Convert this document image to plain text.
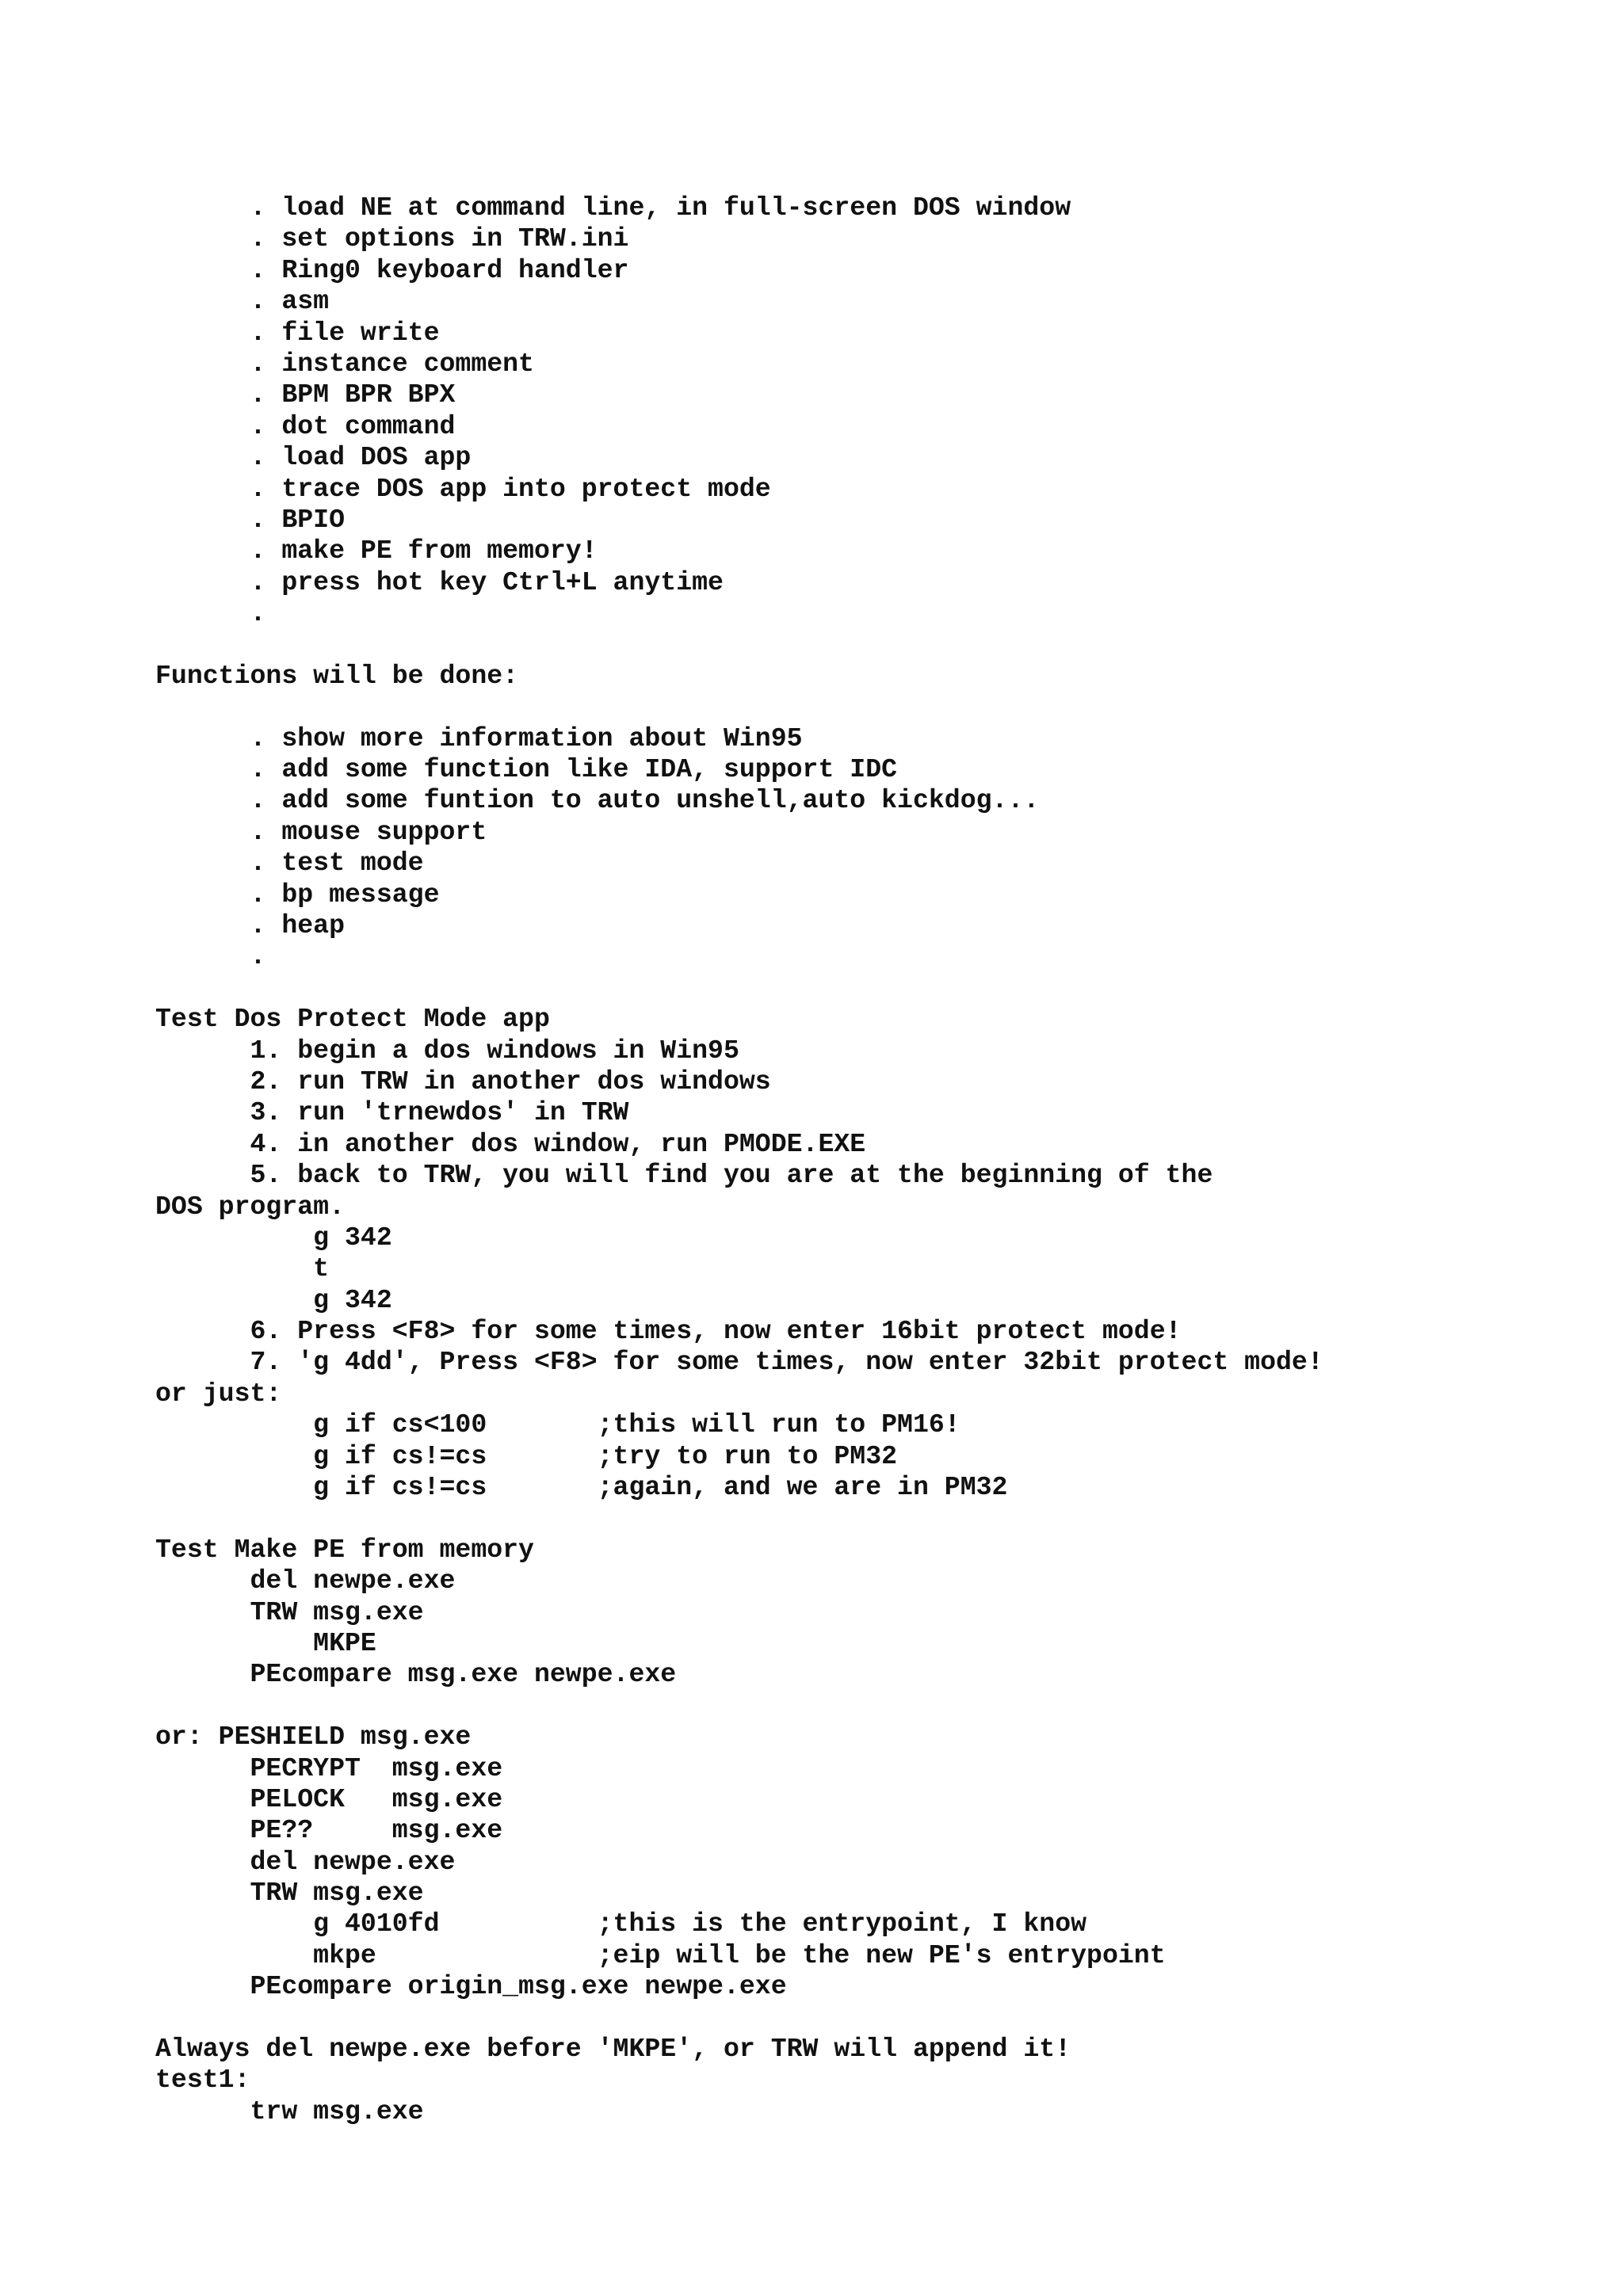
. load NE at command line, in full-screen DOS window
. set options in TRW.ini
. Ring0 keyboard handler
. asm
. file write
. instance comment
. BPM BPR BPX
. dot command
. load DOS app
. trace DOS app into protect mode
. BPIO
. make PE from memory!
. press hot key Ctrl+L anytime
.
Functions will be done:
. show more information about Win95
. add some function like IDA, support IDC
. add some funtion to auto unshell,auto kickdog...
. mouse support
. test mode
. bp message
. heap
.
Test Dos Protect Mode app
1. begin a dos windows in Win95
2. run TRW in another dos windows
3. run 'trnewdos' in TRW
4. in another dos window, run PMODE.EXE
5. back to TRW, you will find you are at the beginning of the
DOS program.
g 342
t
g 342
6. Press <F8> for some times, now enter 16bit protect mode!
7. 'g 4dd', Press <F8> for some times, now enter 32bit protect mode!
or just:
g if cs<100       ;this will run to PM16!
g if cs!=cs       ;try to run to PM32
g if cs!=cs       ;again, and we are in PM32
Test Make PE from memory
del newpe.exe
TRW msg.exe
MKPE
PEcompare msg.exe newpe.exe
or: PESHIELD msg.exe
PECRYPT  msg.exe
PELOCK   msg.exe
PE??     msg.exe
del newpe.exe
TRW msg.exe
g 4010fd          ;this is the entrypoint, I know
mkpe              ;eip will be the new PE's entrypoint
PEcompare origin_msg.exe newpe.exe
Always del newpe.exe before 'MKPE', or TRW will append it!
test1:
trw msg.exe
